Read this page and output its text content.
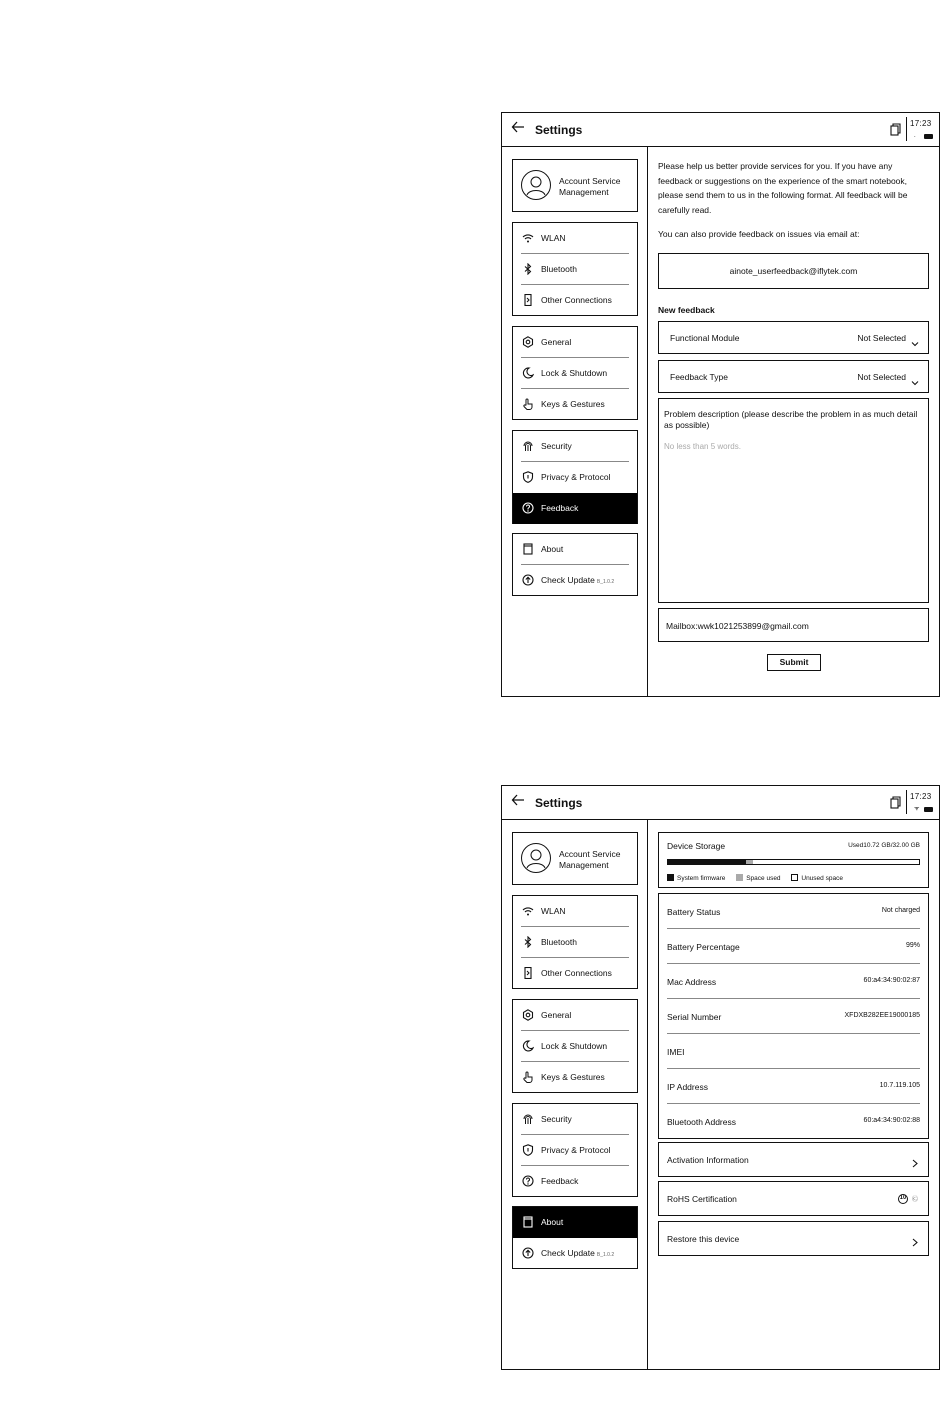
Settings	17:23
.
Account Service
Management
WLAN
Bluetooth
Other Connections
General
Lock & Shutdown
Keys & Gestures
Security
Privacy & Protocol
Feedback
About
Check Update B_1.0.2
Please help us better provide services for you. If you have any feedback or suggestions on the experience of the smart notebook, please send them to us in the following format. All feedback will be carefully read.
You can also provide feedback on issues via email at:
ainote_userfeedback@iflytek.com
New feedback
Functional Module	Not Selected
Feedback Type	Not Selected
Problem description (please describe the problem in as much detail as possible)
No less than 5 words.
Mailbox:wwk1021253899@gmail.com
Submit
Settings	17:23
ᯤ
Account Service
Management
WLAN
Bluetooth
Other Connections
General
Lock & Shutdown
Keys & Gestures
Security
Privacy & Protocol
Feedback
About
Check Update B_1.0.2
Device Storage	Used10.72 GB/32.00 GB
System firmware	Space used	Unused space
Battery Status	Not charged
Battery Percentage	99%
Mac Address	60:a4:34:90:02:87
Serial Number	XFDXB282EE19000185
IMEI
IP Address	10.7.119.105
Bluetooth Address	60:a4:34:90:02:88
Activation Information
RoHS Certification	10 Ⓒ
Restore this device
